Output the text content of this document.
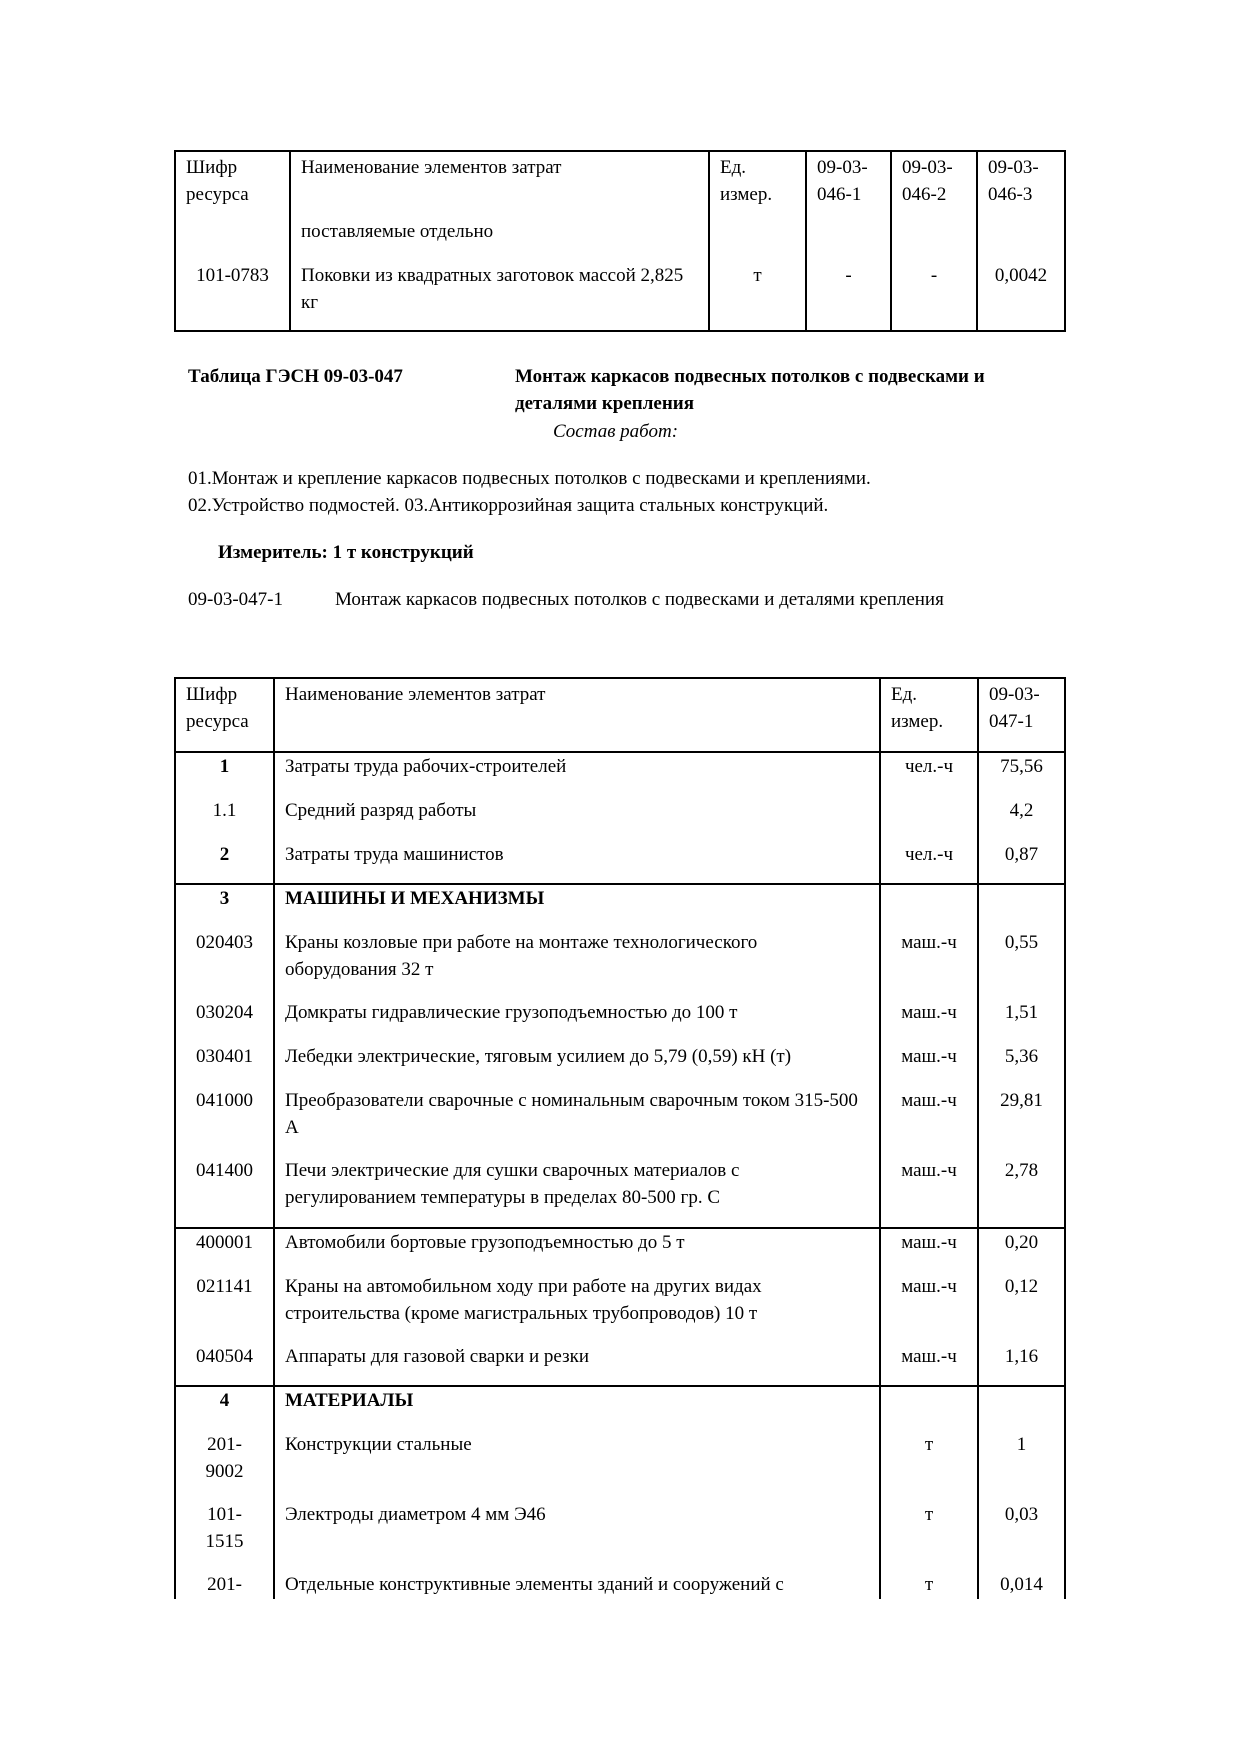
Шифр ресурса	Наименование элементов затрат	Ед. измер.	09-03-046-1	09-03-046-2	09-03-046-3
	поставляемые отдельно				
101-0783	Поковки из квадратных заготовок массой 2,825 кг	т	-	-	0,0042
Таблица ГЭСН 09-03-047	Монтаж каркасов подвесных потолков с подвесками и деталями крепления
Состав работ:
01.Монтаж и крепление каркасов подвесных потолков с подвесками и креплениями.
02.Устройство подмостей. 03.Антикоррозийная защита стальных конструкций.
Измеритель: 1 т конструкций
09-03-047-1	Монтаж каркасов подвесных потолков с подвесками и деталями крепления
Шифр ресурса	Наименование элементов затрат	Ед. измер.	09-03-047-1
1	Затраты труда рабочих-строителей	чел.-ч	75,56
1.1	Средний разряд работы		4,2
2	Затраты труда машинистов	чел.-ч	0,87
3	МАШИНЫ И МЕХАНИЗМЫ		
020403	Краны козловые при работе на монтаже технологического оборудования 32 т	маш.-ч	0,55
030204	Домкраты гидравлические грузоподъемностью до 100 т	маш.-ч	1,51
030401	Лебедки электрические, тяговым усилием до 5,79 (0,59) кН (т)	маш.-ч	5,36
041000	Преобразователи сварочные с номинальным сварочным током 315-500 А	маш.-ч	29,81
041400	Печи электрические для сушки сварочных материалов с регулированием температуры в пределах 80-500 гр. С	маш.-ч	2,78
400001	Автомобили бортовые грузоподъемностью до 5 т	маш.-ч	0,20
021141	Краны на автомобильном ходу при работе на других видах строительства (кроме магистральных трубопроводов) 10 т	маш.-ч	0,12
040504	Аппараты для газовой сварки и резки	маш.-ч	1,16
4	МАТЕРИАЛЫ		
201-9002	Конструкции стальные	т	1
101-1515	Электроды диаметром 4 мм Э46	т	0,03
201-	Отдельные конструктивные элементы зданий и сооружений с	т	0,014
